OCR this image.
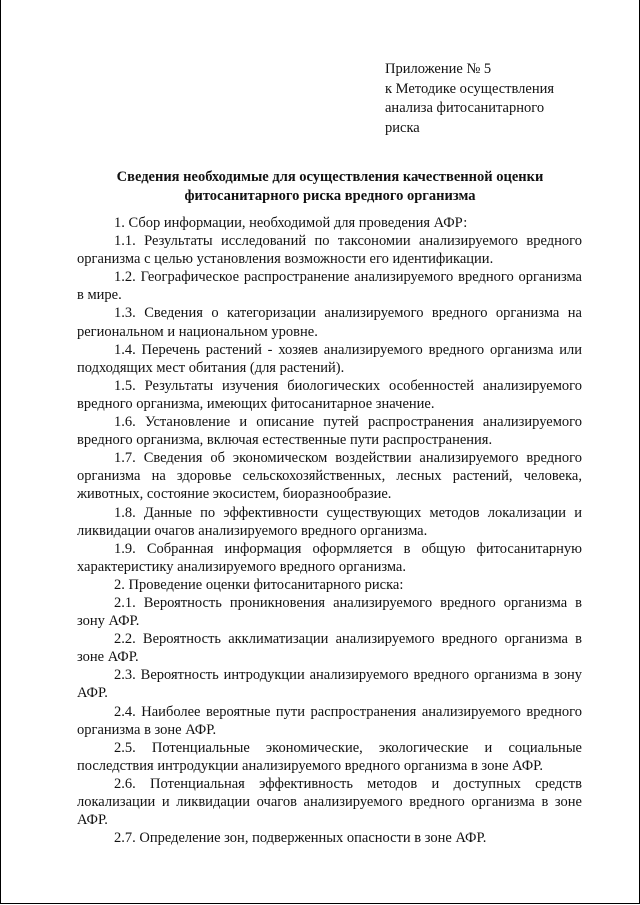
Приложение № 5
к Методике осуществления
анализа фитосанитарного
риска
Сведения необходимые для осуществления качественной оценки
фитосанитарного риска вредного организма

1. Сбор информации, необходимой для проведения АФР:

1.1. Результаты исследований по таксономии анализируемого вредного организма с целью установления возможности его идентификации.

1.2. Географическое распространение анализируемого вредного организма в мире.

1.3. Сведения о категоризации анализируемого вредного организма на региональном и национальном уровне.

1.4. Перечень растений - хозяев анализируемого вредного организма или подходящих мест обитания (для растений).

1.5. Результаты изучения биологических особенностей анализируемого вредного организма, имеющих фитосанитарное значение.

1.6. Установление и описание путей распространения анализируемого вредного организма, включая естественные пути распространения.

1.7. Сведения об экономическом воздействии анализируемого вредного организма на здоровье сельскохозяйственных, лесных растений, человека, животных, состояние экосистем, биоразнообразие.

1.8. Данные по эффективности существующих методов локализации и ликвидации очагов анализируемого вредного организма.

1.9. Собранная информация оформляется в общую фитосанитарную характеристику анализируемого вредного организма.

2. Проведение оценки фитосанитарного риска:

2.1. Вероятность проникновения анализируемого вредного организма в зону АФР.

2.2. Вероятность акклиматизации анализируемого вредного организма в зоне АФР.

2.3. Вероятность интродукции анализируемого вредного организма в зону АФР.

2.4. Наиболее вероятные пути распространения анализируемого вредного организма в зоне АФР.

2.5. Потенциальные экономические, экологические и социальные последствия интродукции анализируемого вредного организма в зоне АФР.

2.6. Потенциальная эффективность методов и доступных средств локализации и ликвидации очагов анализируемого вредного организма в зоне АФР.

2.7. Определение зон, подверженных опасности в зоне АФР.
